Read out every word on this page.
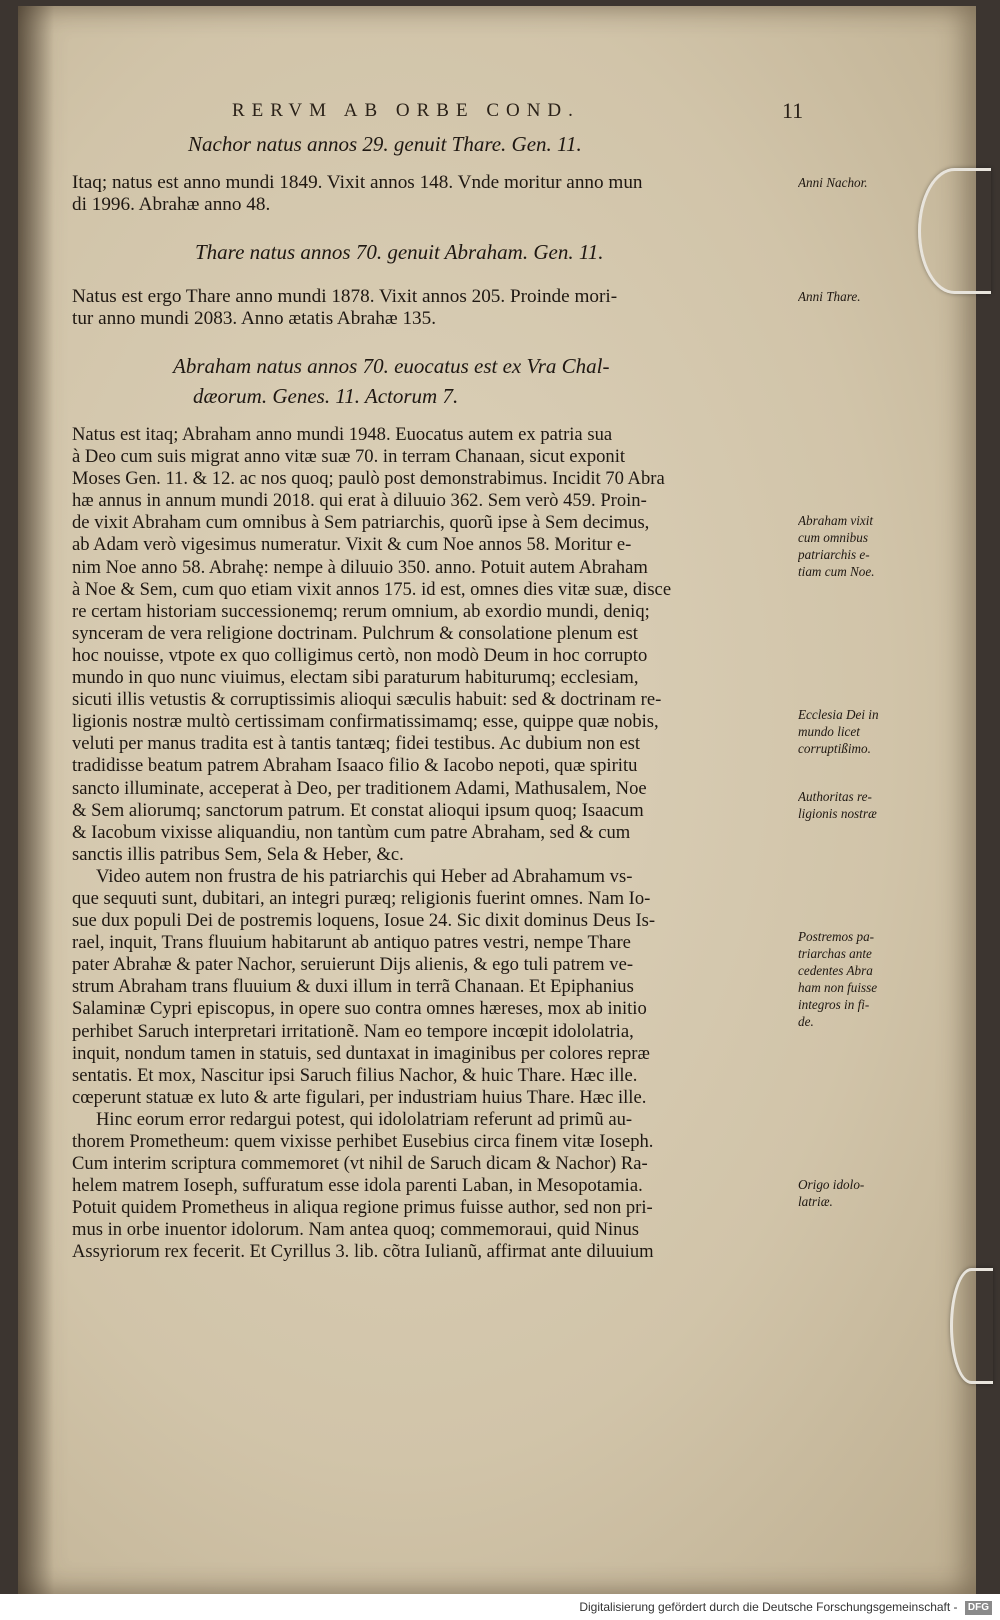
RERVM AB ORBE COND.	11
Nachor natus annos 29. genuit Thare. Gen. 11.
Itaq; natus est anno mundi 1849. Vixit annos 148. Vnde moritur anno mun
di 1996. Abrahæ anno 48.
Thare natus annos 70. genuit Abraham. Gen. 11.
Natus est ergo Thare anno mundi 1878. Vixit annos 205. Proinde mori-
tur anno mundi 2083. Anno ætatis Abrahæ 135.
Abraham natus annos 70. euocatus est ex Vra Chal-
dæorum. Genes. 11. Actorum 7.
Natus est itaq; Abraham anno mundi 1948. Euocatus autem ex patria sua
à Deo cum suis migrat anno vitæ suæ 70. in terram Chanaan, sicut exponit
Moses Gen. 11. & 12. ac nos quoq; paulò post demonstrabimus. Incidit 70 Abra
hæ annus in annum mundi 2018. qui erat à diluuio 362. Sem verò 459. Proin-
de vixit Abraham cum omnibus à Sem patriarchis, quorũ ipse à Sem decimus,
ab Adam verò vigesimus numeratur. Vixit & cum Noe annos 58. Moritur e-
nim Noe anno 58. Abrahę: nempe à diluuio 350. anno. Potuit autem Abraham
à Noe & Sem, cum quo etiam vixit annos 175. id est, omnes dies vitæ suæ, disce
re certam historiam successionemq; rerum omnium, ab exordio mundi, deniq;
synceram de vera religione doctrinam. Pulchrum & consolatione plenum est
hoc nouisse, vtpote ex quo colligimus certò, non modò Deum in hoc corrupto
mundo in quo nunc viuimus, electam sibi paraturum habiturumq; ecclesiam,
sicuti illis vetustis & corruptissimis alioqui sæculis habuit: sed & doctrinam re-
ligionis nostræ multò certissimam confirmatissimamq; esse, quippe quæ nobis,
veluti per manus tradita est à tantis tantæq; fidei testibus. Ac dubium non est
tradidisse beatum patrem Abraham Isaaco filio & Iacobo nepoti, quæ spiritu
sancto illuminate, acceperat à Deo, per traditionem Adami, Mathusalem, Noe
& Sem aliorumq; sanctorum patrum. Et constat alioqui ipsum quoq; Isaacum
& Iacobum vixisse aliquandiu, non tantùm cum patre Abraham, sed & cum
sanctis illis patribus Sem, Sela & Heber, &c.
Video autem non frustra de his patriarchis qui Heber ad Abrahamum vs-
que sequuti sunt, dubitari, an integri puræq; religionis fuerint omnes. Nam Io-
sue dux populi Dei de postremis loquens, Iosue 24. Sic dixit dominus Deus Is-
rael, inquit, Trans fluuium habitarunt ab antiquo patres vestri, nempe Thare
pater Abrahæ & pater Nachor, seruierunt Dijs alienis, & ego tuli patrem ve-
strum Abraham trans fluuium & duxi illum in terrã Chanaan. Et Epiphanius
Salaminæ Cypri episcopus, in opere suo contra omnes hæreses, mox ab initio
perhibet Saruch interpretari irritationẽ. Nam eo tempore incœpit idololatria,
inquit, nondum tamen in statuis, sed duntaxat in imaginibus per colores repræ
sentatis. Et mox, Nascitur ipsi Saruch filius Nachor, & huic Thare. Hæc ille.
cœperunt statuæ ex luto & arte figulari, per industriam huius Thare. Hæc ille.
Hinc eorum error redargui potest, qui idololatriam referunt ad primũ au-
thorem Prometheum: quem vixisse perhibet Eusebius circa finem vitæ Ioseph.
Cum interim scriptura commemoret (vt nihil de Saruch dicam & Nachor) Ra-
helem matrem Ioseph, suffuratum esse idola parenti Laban, in Mesopotamia.
Potuit quidem Prometheus in aliqua regione primus fuisse author, sed non pri-
mus in orbe inuentor idolorum. Nam antea quoq; commemoraui, quid Ninus
Assyriorum rex fecerit. Et Cyrillus 3. lib. cõtra Iulianũ, affirmat ante diluuium
Anni Nachor.
Anni Thare.
Abraham vixit
cum omnibus
patriarchis e-
tiam cum Noe.
Ecclesia Dei in
mundo licet
corruptißimo.
Authoritas re-
ligionis nostræ
Postremos pa-
triarchas ante
cedentes Abra
ham non fuisse
integros in fi-
de.
Origo idolo-
latriæ.
Digitalisierung gefördert durch die Deutsche Forschungsgemeinschaft - DFG
